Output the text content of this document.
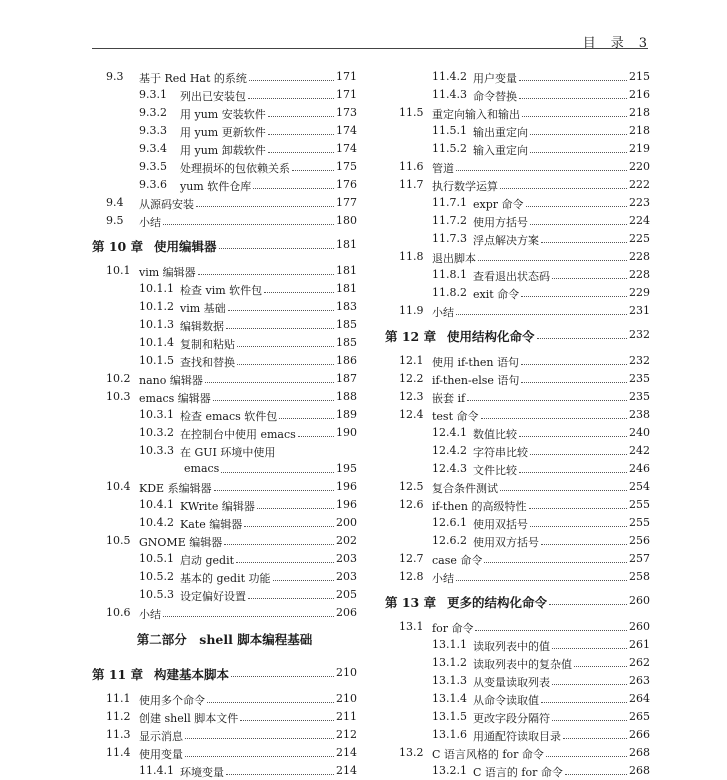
目　录　3
9.3 基于 Red Hat 的系统	171
9.3.1 列出已安装包	171
9.3.2 用 yum 安装软件	173
9.3.3 用 yum 更新软件	174
9.3.4 用 yum 卸载软件	174
9.3.5 处理损坏的包依赖关系	175
9.3.6 yum 软件仓库	176
9.4 从源码安装	177
9.5 小结	180
第 10 章 使用编辑器	181
10.1 vim 编辑器	181
10.1.1 检查 vim 软件包	181
10.1.2 vim 基础	183
10.1.3 编辑数据	185
10.1.4 复制和粘贴	185
10.1.5 查找和替换	186
10.2 nano 编辑器	187
10.3 emacs 编辑器	188
10.3.1 检查 emacs 软件包	189
10.3.2 在控制台中使用 emacs	190
10.3.3 在 GUI 环境中使用
emacs	195
10.4 KDE 系编辑器	196
10.4.1 KWrite 编辑器	196
10.4.2 Kate 编辑器	200
10.5 GNOME 编辑器	202
10.5.1 启动 gedit	203
10.5.2 基本的 gedit 功能	203
10.5.3 设定偏好设置	205
10.6 小结	206
第二部分　shell 脚本编程基础
第 11 章 构建基本脚本	210
11.1 使用多个命令	210
11.2 创建 shell 脚本文件	211
11.3 显示消息	212
11.4 使用变量	214
11.4.1 环境变量	214
11.4.2 用户变量	215
11.4.3 命令替换	216
11.5 重定向输入和输出	218
11.5.1 输出重定向	218
11.5.2 输入重定向	219
11.6 管道	220
11.7 执行数学运算	222
11.7.1 expr 命令	223
11.7.2 使用方括号	224
11.7.3 浮点解决方案	225
11.8 退出脚本	228
11.8.1 查看退出状态码	228
11.8.2 exit 命令	229
11.9 小结	231
第 12 章 使用结构化命令	232
12.1 使用 if-then 语句	232
12.2 if-then-else 语句	235
12.3 嵌套 if	235
12.4 test 命令	238
12.4.1 数值比较	240
12.4.2 字符串比较	242
12.4.3 文件比较	246
12.5 复合条件测试	254
12.6 if-then 的高级特性	255
12.6.1 使用双括号	255
12.6.2 使用双方括号	256
12.7 case 命令	257
12.8 小结	258
第 13 章 更多的结构化命令	260
13.1 for 命令	260
13.1.1 读取列表中的值	261
13.1.2 读取列表中的复杂值	262
13.1.3 从变量读取列表	263
13.1.4 从命令读取值	264
13.1.5 更改字段分隔符	265
13.1.6 用通配符读取目录	266
13.2 C 语言风格的 for 命令	268
13.2.1 C 语言的 for 命令	268
